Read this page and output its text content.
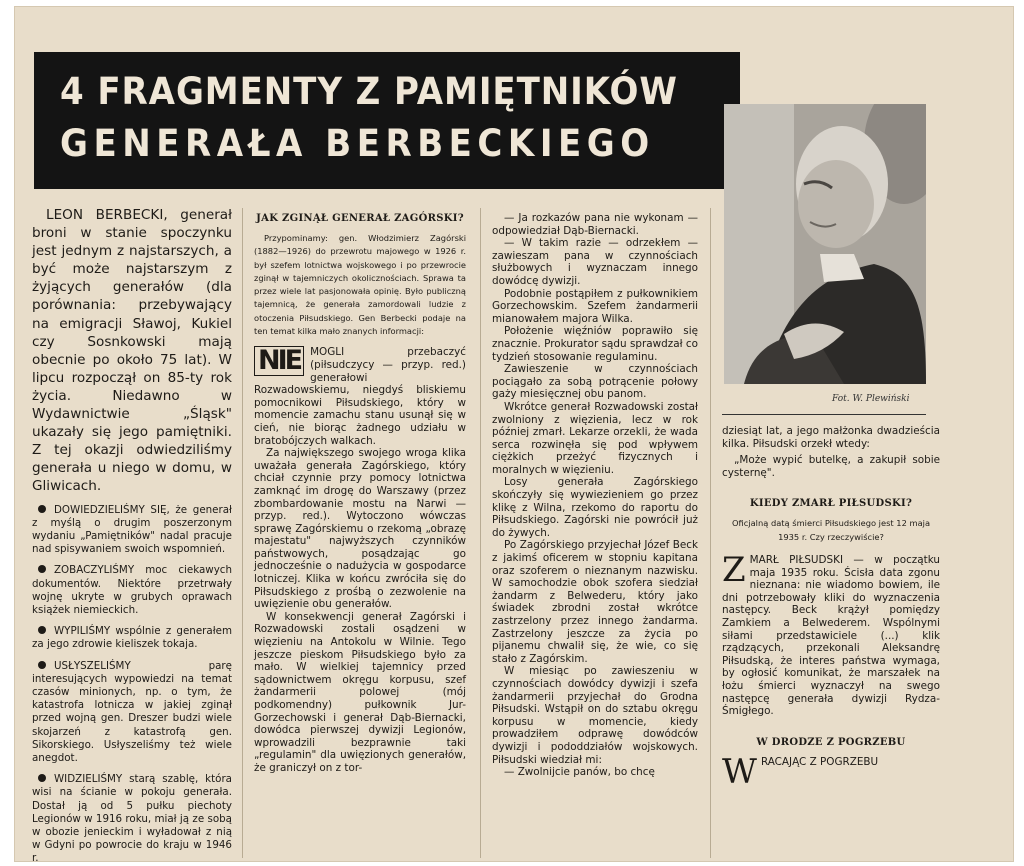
4 FRAGMENTY Z PAMIĘTNIKÓW
GENERAŁA BERBECKIEGO
Fot. W. Plewiński

LEON BERBECKI, generał broni w stanie spoczynku jest jednym z najstarszych, a być może najstarszym z żyjących generałów (dla porównania: przebywający na emigracji Sławoj, Kukiel czy Sosnkowski mają obecnie po około 75 lat). W lipcu rozpoczął on 85-ty rok życia. Niedawno w Wydawnictwie „Śląsk" ukazały się jego pamiętniki. Z tej okazji odwiedziliśmy generała u niego w domu, w Gliwicach.

DOWIEDZIELIŚMY SIĘ, że generał z myślą o drugim poszerzonym wydaniu „Pamiętników" nadal pracuje nad spisywaniem swoich wspomnień.

ZOBACZYLIŚMY moc ciekawych dokumentów. Niektóre przetrwały wojnę ukryte w grubych oprawach książek niemieckich.

WYPILIŚMY wspólnie z generałem za jego zdrowie kieliszek tokaja.

USŁYSZELIŚMY parę interesujących wypowiedzi na temat czasów minionych, np. o tym, że katastrofa lotnicza w jakiej zginął przed wojną gen. Dreszer budzi wiele skojarzeń z katastrofą gen. Sikorskiego. Usłyszeliśmy też wiele anegdot.

WIDZIELIŚMY starą szablę, która wisi na ścianie w pokoju generała. Dostał ją od 5 pułku piechoty Legionów w 1916 roku, miał ją ze sobą w obozie jenieckim i wyładował z nią w Gdyni po powrocie do kraju w 1946 r.

JAK ZGINĄŁ GENERAŁ ZAGÓRSKI?

Przypominamy: gen. Włodzimierz Zagórski (1882—1926) do przewrotu majowego w 1926 r. był szefem lotnictwa wojskowego i po przewrocie zginął w tajemniczych okolicznościach. Sprawa ta przez wiele lat pasjonowała opinię. Było publiczną tajemnicą, że generała zamordowali ludzie z otoczenia Piłsudskiego. Gen Berbecki podaje na ten temat kilka mało znanych informacji:

NIE MOGLI przebaczyć (piłsudczycy — przyp. red.) generałowi Rozwadowskiemu, niegdyś bliskiemu pomocnikowi Piłsudskiego, który w momencie zamachu stanu usunął się w cień, nie biorąc żadnego udziału w bratobójczych walkach.

Za największego swojego wroga klika uważała generała Zagórskiego, który chciał czynnie przy pomocy lotnictwa zamknąć im drogę do Warszawy (przez zbombardowanie mostu na Narwi — przyp. red.). Wytoczono wówczas sprawę Zagórskiemu o rzekomą „obrazę majestatu" najwyższych czynników państwowych, posądzając go jednocześnie o nadużycia w gospodarce lotniczej. Klika w końcu zwróciła się do Piłsudskiego z prośbą o zezwolenie na uwięzienie obu generałów.

W konsekwencji generał Zagórski i Rozwadowski zostali osądzeni w więzieniu na Antokolu w Wilnie. Tego jeszcze pieskom Piłsudskiego było za mało. W wielkiej tajemnicy przed sądownictwem okręgu korpusu, szef żandarmerii polowej (mój podkomendny) pułkownik Jur-Gorzechowski i generał Dąb-Biernacki, dowódca pierwszej dywizji Legionów, wprowadzili bezprawnie taki „regulamin" dla uwięzionych generałów, że graniczył on z tor-

— Ja rozkazów pana nie wykonam — odpowiedział Dąb-Biernacki.

— W takim razie — odrzekłem — zawieszam pana w czynnościach służbowych i wyznaczam innego dowódcę dywizji.

Podobnie postąpiłem z pułkownikiem Gorzechowskim. Szefem żandarmerii mianowałem majora Wilka.

Położenie więźniów poprawiło się znacznie. Prokurator sądu sprawdzał co tydzień stosowanie regulaminu.

Zawieszenie w czynnościach pociągało za sobą potrącenie połowy gaży miesięcznej obu panom.

Wkrótce generał Rozwadowski został zwolniony z więzienia, lecz w rok później zmarł. Lekarze orzekli, że wada serca rozwinęła się pod wpływem ciężkich przeżyć fizycznych i moralnych w więzieniu.

Losy generała Zagórskiego skończyły się wywiezieniem go przez klikę z Wilna, rzekomo do raportu do Piłsudskiego. Zagórski nie powrócił już do żywych.

Po Zagórskiego przyjechał Józef Beck z jakimś oficerem w stopniu kapitana oraz szoferem o nieznanym nazwisku. W samochodzie obok szofera siedział żandarm z Belwederu, który jako świadek zbrodni został wkrótce zastrzelony przez innego żandarma. Zastrzelony jeszcze za życia po pijanemu chwalił się, że wie, co się stało z Zagórskim.

W miesiąc po zawieszeniu w czynnościach dowódcy dywizji i szefa żandarmerii przyjechał do Grodna Piłsudski. Wstąpił on do sztabu okręgu korpusu w momencie, kiedy prowadziłem odprawę dowódców dywizji i pododdziałów wojskowych. Piłsudski wiedział mi:

— Zwolnijcie panów, bo chcę

dziesiąt lat, a jego małżonka dwadzieścia kilka. Piłsudski orzekł wtedy:

„Może wypić butelkę, a zakupił sobie cysternę".

KIEDY ZMARŁ PIŁSUDSKI?

Oficjalną datą śmierci Piłsudskiego jest 12 maja 1935 r. Czy rzeczywiście?

ZMARŁ PIŁSUDSKI — w początku maja 1935 roku. Ścisła data zgonu nieznana: nie wiadomo bowiem, ile dni potrzebowały kliki do wyznaczenia następcy. Beck krążył pomiędzy Zamkiem a Belwederem. Wspólnymi siłami przedstawiciele (...) klik rządzących, przekonali Aleksandrę Piłsudską, że interes państwa wymaga, by ogłosić komunikat, że marszałek na łożu śmierci wyznaczył na swego następcę generała dywizji Rydza-Śmigłego.

W DRODZE Z POGRZEBU

WRACAJĄC Z POGRZEBU
